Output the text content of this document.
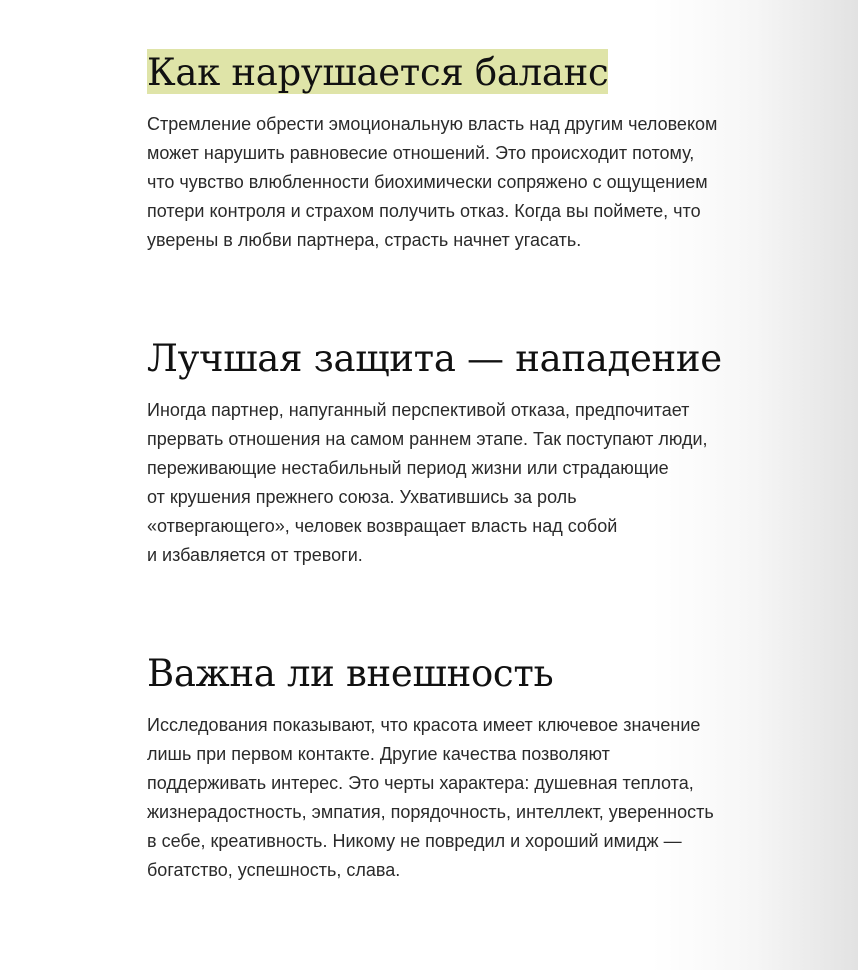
Как нарушается баланс

Стремление обрести эмоциональную власть над другим человеком
может нарушить равновесие отношений. Это происходит потому,
что чувство влюбленности биохимически сопряжено с ощущением
потери контроля и страхом получить отказ. Когда вы поймете, что
уверены в любви партнера, страсть начнет угасать.

Лучшая защита — нападение

Иногда партнер, напуганный перспективой отказа, предпочитает
прервать отношения на самом раннем этапе. Так поступают люди,
переживающие нестабильный период жизни или страдающие
от крушения прежнего союза. Ухватившись за роль
«отвергающего», человек возвращает власть над собой
и избавляется от тревоги.

Важна ли внешность

Исследования показывают, что красота имеет ключевое значение
лишь при первом контакте. Другие качества позволяют
поддерживать интерес. Это черты характера: душевная теплота,
жизнерадостность, эмпатия, порядочность, интеллект, уверенность
в себе, креативность. Никому не повредил и хороший имидж —
богатство, успешность, слава.
